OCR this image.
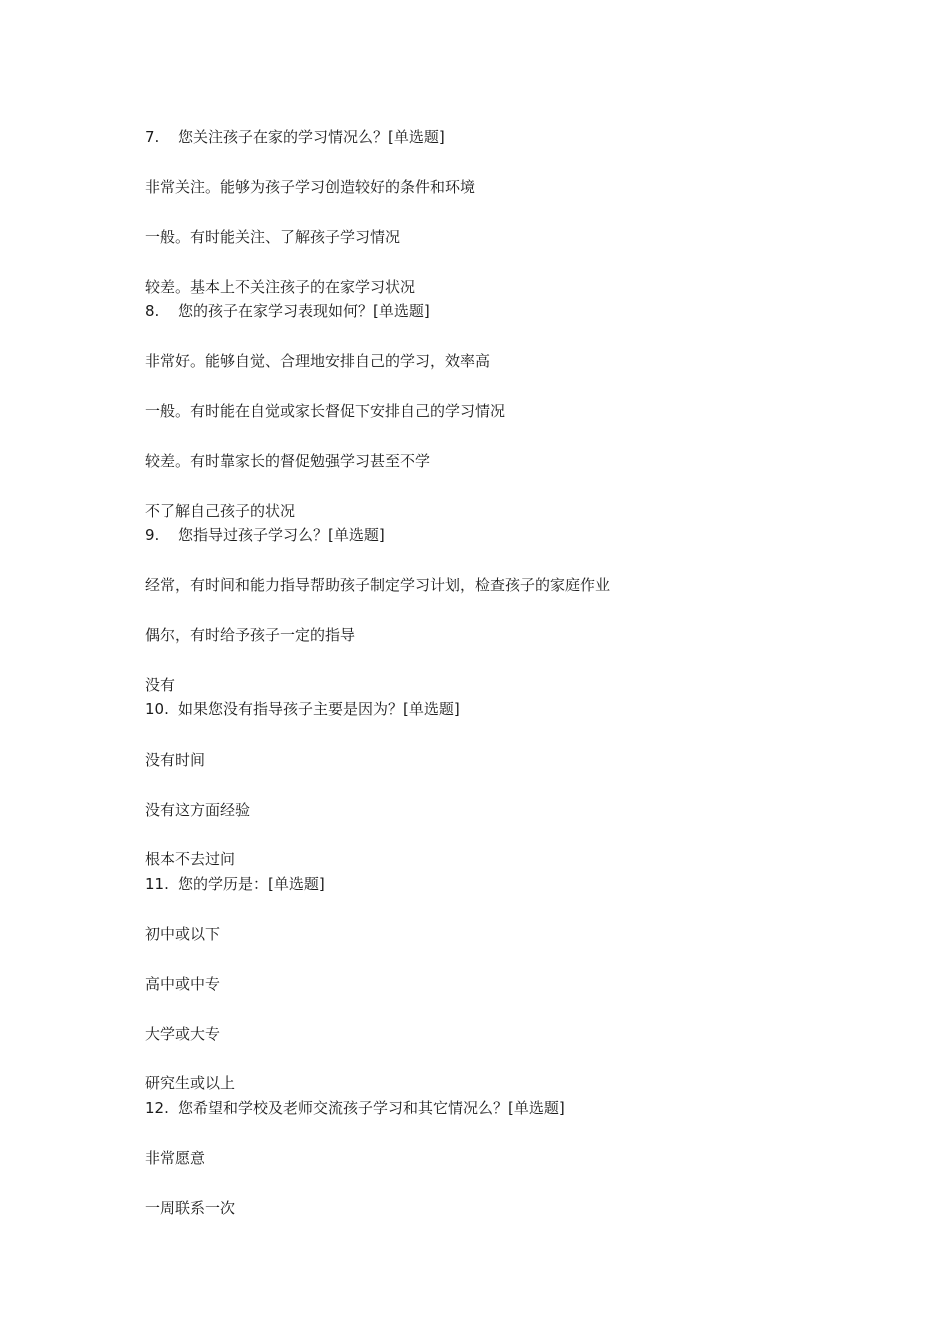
7. 您关注孩子在家的学习情况么？[单选题]
非常关注。能够为孩子学习创造较好的条件和环境
一般。有时能关注、了解孩子学习情况
较差。基本上不关注孩子的在家学习状况
8. 您的孩子在家学习表现如何？[单选题]
非常好。能够自觉、合理地安排自己的学习，效率高
一般。有时能在自觉或家长督促下安排自己的学习情况
较差。有时靠家长的督促勉强学习甚至不学
不了解自己孩子的状况
9. 您指导过孩子学习么？[单选题]
经常，有时间和能力指导帮助孩子制定学习计划，检查孩子的家庭作业
偶尔，有时给予孩子一定的指导
没有
10. 如果您没有指导孩子主要是因为？[单选题]
没有时间
没有这方面经验
根本不去过问
11. 您的学历是：[单选题]
初中或以下
高中或中专
大学或大专
研究生或以上
12. 您希望和学校及老师交流孩子学习和其它情况么？[单选题]
非常愿意
一周联系一次
